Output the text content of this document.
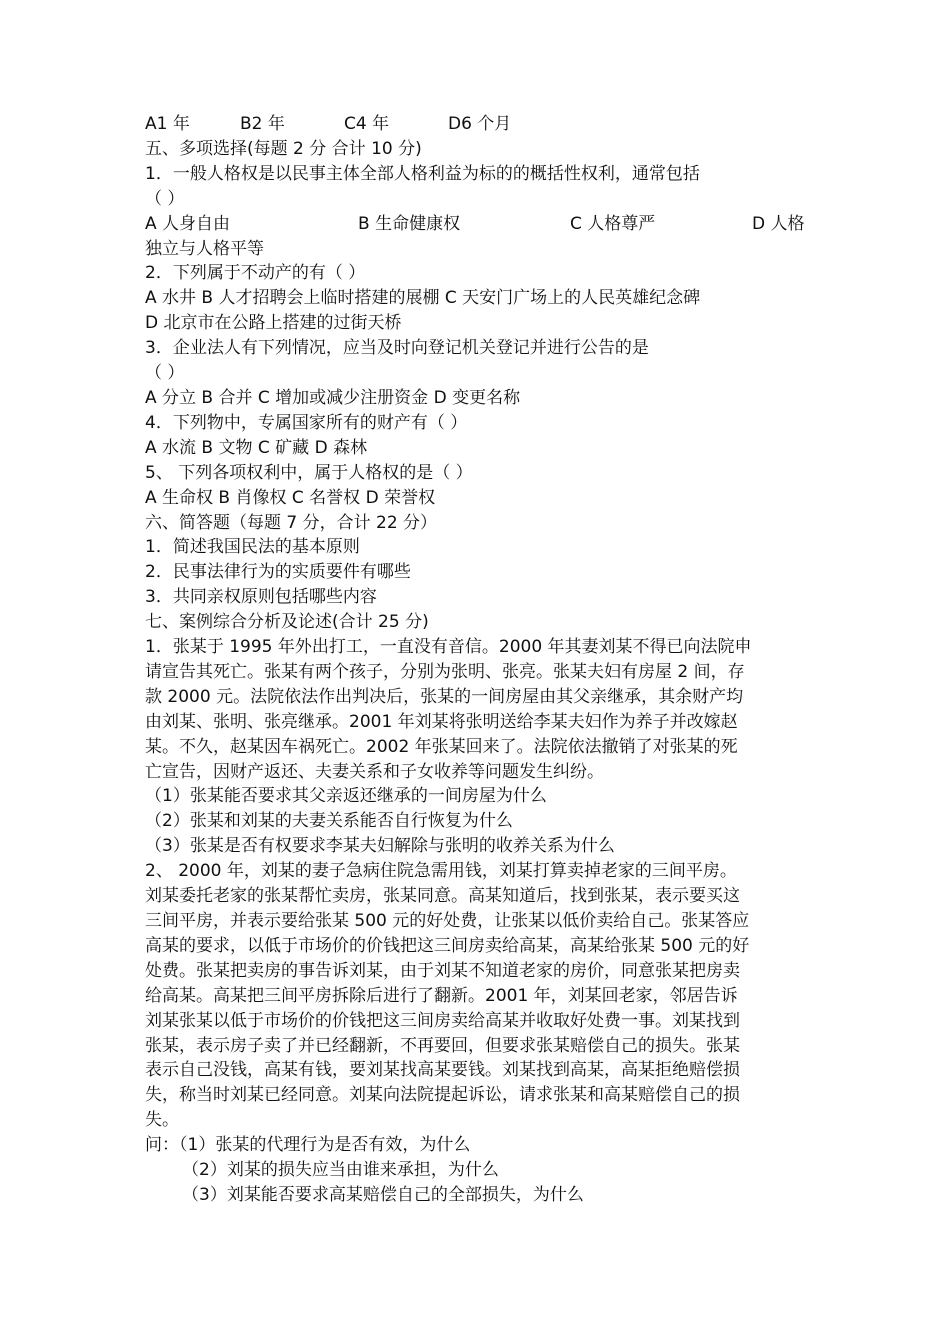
A1 年	B2 年	C4 年	D6 个月
五、多项选择(每题 2 分 合计 10 分)
1．一般人格权是以民事主体全部人格利益为标的的概括性权利，通常包括
（ ）
A 人身自由	B 生命健康权	C 人格尊严	D 人格
独立与人格平等
2．下列属于不动产的有（ ）
A 水井 B 人才招聘会上临时搭建的展棚 C 天安门广场上的人民英雄纪念碑
D 北京市在公路上搭建的过街天桥
3．企业法人有下列情况，应当及时向登记机关登记并进行公告的是
（ ）
A 分立 B 合并 C 增加或减少注册资金 D 变更名称
4．下列物中，专属国家所有的财产有（ ）
A 水流 B 文物 C 矿藏 D 森林
5、 下列各项权利中，属于人格权的是（ ）
A 生命权 B 肖像权 C 名誉权 D 荣誉权
六、简答题（每题 7 分，合计 22 分）
1．简述我国民法的基本原则
2．民事法律行为的实质要件有哪些
3．共同亲权原则包括哪些内容
七、案例综合分析及论述(合计 25 分)
1．张某于 1995 年外出打工，一直没有音信。2000 年其妻刘某不得已向法院申
请宣告其死亡。张某有两个孩子，分别为张明、张亮。张某夫妇有房屋 2 间，存
款 2000 元。法院依法作出判决后，张某的一间房屋由其父亲继承，其余财产均
由刘某、张明、张亮继承。2001 年刘某将张明送给李某夫妇作为养子并改嫁赵
某。不久，赵某因车祸死亡。2002 年张某回来了。法院依法撤销了对张某的死
亡宣告，因财产返还、夫妻关系和子女收养等问题发生纠纷。
（1）张某能否要求其父亲返还继承的一间房屋为什么
（2）张某和刘某的夫妻关系能否自行恢复为什么
（3）张某是否有权要求李某夫妇解除与张明的收养关系为什么
2、 2000 年，刘某的妻子急病住院急需用钱，刘某打算卖掉老家的三间平房。
刘某委托老家的张某帮忙卖房，张某同意。高某知道后，找到张某，表示要买这
三间平房，并表示要给张某 500 元的好处费，让张某以低价卖给自己。张某答应
高某的要求，以低于市场价的价钱把这三间房卖给高某，高某给张某 500 元的好
处费。张某把卖房的事告诉刘某，由于刘某不知道老家的房价，同意张某把房卖
给高某。高某把三间平房拆除后进行了翻新。2001 年，刘某回老家，邻居告诉
刘某张某以低于市场价的价钱把这三间房卖给高某并收取好处费一事。刘某找到
张某，表示房子卖了并已经翻新，不再要回，但要求张某赔偿自己的损失。张某
表示自己没钱，高某有钱，要刘某找高某要钱。刘某找到高某，高某拒绝赔偿损
失，称当时刘某已经同意。刘某向法院提起诉讼，请求张某和高某赔偿自己的损
失。
问：（1）张某的代理行为是否有效，为什么
（2）刘某的损失应当由谁来承担，为什么
（3）刘某能否要求高某赔偿自己的全部损失，为什么
